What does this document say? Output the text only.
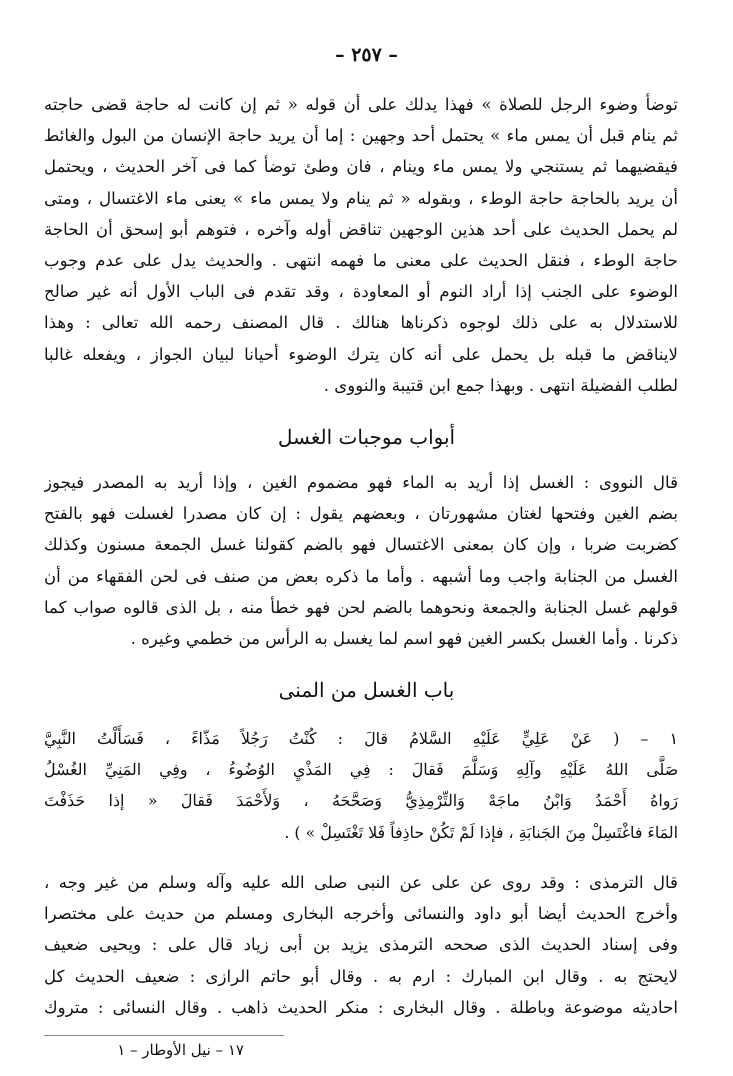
– ٢٥٧ –
توضأ وضوء الرجل للصلاة » فهذا يدلك على أن قوله « ثم إن كانت له حاجة قضى حاجته
ثم ينام قبل أن يمس ماء » يحتمل أحد وجهين : إما أن يريد حاجة الإنسان من البول والغائط
فيقضيهما ثم يستنجي ولا يمس ماء وينام ، فان وطئ توضأ كما فى آخر الحديث ، ويحتمل
أن يريد بالحاجة حاجة الوطء ، وبقوله « ثم ينام ولا يمس ماء » يعنى ماء الاغتسال ، ومتى
لم يحمل الحديث على أحد هذين الوجهين تناقض أوله وآخره ، فتوهم أبو إسحق أن الحاجة
حاجة الوطء ، فنقل الحديث على معنى ما فهمه انتهى . والحديث يدل على عدم وجوب
الوضوء على الجنب إذا أراد النوم أو المعاودة ، وقد تقدم فى الباب الأول أنه غير صالح
للاستدلال به على ذلك لوجوه ذكرناها هنالك . قال المصنف رحمه الله تعالى : وهذا
لايناقض ما قبله بل يحمل على أنه كان يترك الوضوء أحيانا لبيان الجواز ، ويفعله غالبا
لطلب الفضيلة انتهى . وبهذا جمع ابن قتيبة والنووى .
أبواب موجبات الغسل
قال النووى : الغسل إذا أريد به الماء فهو مضموم الغين ، وإذا أريد به المصدر فيجوز
بضم الغين وفتحها لغتان مشهورتان ، وبعضهم يقول : إن كان مصدرا لغسلت فهو بالفتح
كضربت ضربا ، وإن كان بمعنى الاغتسال فهو بالضم كقولنا غسل الجمعة مسنون وكذلك
الغسل من الجنابة واجب وما أشبهه . وأما ما ذكره بعض من صنف فى لحن الفقهاء من أن
قولهم غسل الجنابة والجمعة ونحوهما بالضم لحن فهو خطأ منه ، بل الذى قالوه صواب كما
ذكرنا . وأما الغسل بكسر الغين فهو اسم لما يغسل به الرأس من خطمي وغيره .
باب الغسل من المنى
١ – ( عَنْ عَلِيٍّ عَلَيْهِ السَّلامُ قالَ : كُنْتُ رَجُلاً مَذّاءً ، فَسَأَلْتُ النَّبِيَّ
صَلَّى اللهُ عَلَيْهِ وآلِهِ وَسَلَّمَ فَقالَ : فِي المَذْيِ الوُضُوءُ ، وفِي المَنِيِّ الغُسْلُ
رَواهُ أَحْمَدُ وَابْنُ ماجَهْ وَالتِّرْمِذِيُّ وَصَحَّحَهُ ، وَلأَحْمَدَ فَقالَ « إذا حَذَفْتَ
المَاءَ فاغْتَسِلْ مِنَ الجَنابَةِ ، فإذا لَمْ تَكُنْ حاذِفاً فَلا تَغْتَسِلْ » ) .
قال الترمذى : وقد روى عن على عن النبى صلى الله عليه وآله وسلم من غير وجه ،
وأخرج الحديث أيضا أبو داود والنسائى وأخرجه البخارى ومسلم من حديث على مختصرا
وفى إسناد الحديث الذى صححه الترمذى يزيد بن أبى زياد قال على : ويحيى ضعيف
لايحتج به . وقال ابن المبارك : ارم به . وقال أبو حاتم الرازى : ضعيف الحديث كل
احاديثه موضوعة وباطلة . وقال البخارى : منكر الحديث ذاهب . وقال النسائى : متروك
١٧ – نيل الأوطار – ١
